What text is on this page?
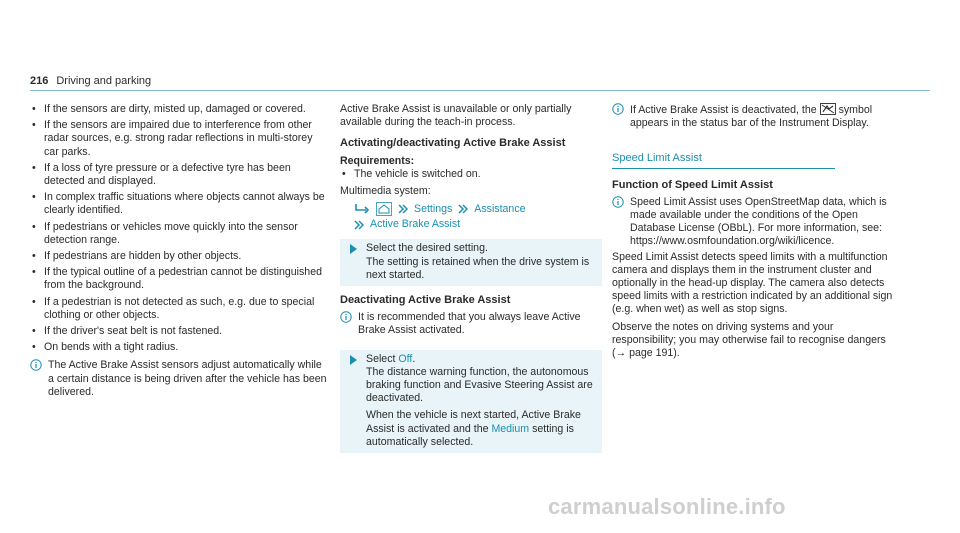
216 Driving and parking
• If the sensors are dirty, misted up, damaged or covered.
• If the sensors are impaired due to interference from other radar sources, e.g. strong radar reflections in multi-storey car parks.
• If a loss of tyre pressure or a defective tyre has been detected and displayed.
• In complex traffic situations where objects cannot always be clearly identified.
• If pedestrians or vehicles move quickly into the sensor detection range.
• If pedestrians are hidden by other objects.
• If the typical outline of a pedestrian cannot be distinguished from the background.
• If a pedestrian is not detected as such, e.g. due to special clothing or other objects.
• If the driver's seat belt is not fastened.
• On bends with a tight radius.
The Active Brake Assist sensors adjust automatically while a certain distance is being driven after the vehicle has been delivered.

Active Brake Assist is unavailable or only partially available during the teach-in process.

Activating/deactivating Active Brake Assist
Requirements:
• The vehicle is switched on.

Multimedia system:

Settings Assistance
Active Brake Assist

Select the desired setting.

The setting is retained when the drive system is next started.

Deactivating Active Brake Assist
It is recommended that you always leave Active Brake Assist activated.

Select Off.

The distance warning function, the autonomous braking function and Evasive Steering Assist are deactivated.

When the vehicle is next started, Active Brake Assist is activated and the Medium setting is automatically selected.

If Active Brake Assist is deactivated, the symbol appears in the status bar of the Instrument Display.
Speed Limit Assist
Function of Speed Limit Assist
Speed Limit Assist uses OpenStreetMap data, which is made available under the conditions of the Open Database License (OBbL). For more information, see: https://www.osmfoundation.org/wiki/licence.

Speed Limit Assist detects speed limits with a multifunction camera and displays them in the instrument cluster and optionally in the head-up display. The camera also detects speed limits with a restriction indicated by an additional sign (e.g. when wet) as well as stop signs.

Observe the notes on driving systems and your responsibility; you may otherwise fail to recognise dangers (→ page 191).

carmanualsonline.info
